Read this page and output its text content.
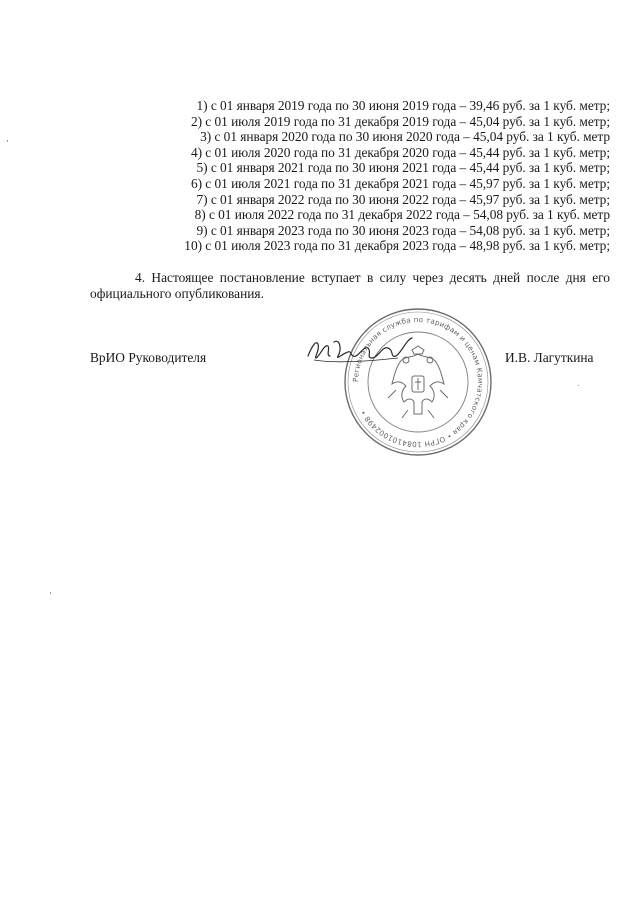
1) с 01 января 2019 года по 30 июня 2019 года – 39,46 руб. за 1 куб. метр;
2) с 01 июля 2019 года по 31 декабря 2019 года – 45,04 руб. за 1 куб. метр;
3) с 01 января 2020 года по 30 июня 2020 года – 45,04 руб. за 1 куб. метр
4) с 01 июля 2020 года по 31 декабря 2020 года – 45,44 руб. за 1 куб. метр;
5) с 01 января 2021 года по 30 июня 2021 года – 45,44 руб. за 1 куб. метр;
6) с 01 июля 2021 года по 31 декабря 2021 года – 45,97 руб. за 1 куб. метр;
7) с 01 января 2022 года по 30 июня 2022 года – 45,97 руб. за 1 куб. метр;
8) с 01 июля 2022 года по 31 декабря 2022 года – 54,08 руб. за 1 куб. метр
9) с 01 января 2023 года по 30 июня 2023 года – 54,08 руб. за 1 куб. метр;
10) с 01 июля 2023 года по 31 декабря 2023 года – 48,98 руб. за 1 куб. метр;
4. Настоящее постановление вступает в силу через десять дней после дня его официального опубликования.
ВрИО Руководителя
Региональная служба по тарифам и ценам Камчатского края • ОГРН 1084101002498 •
И.В. Лагуткина
